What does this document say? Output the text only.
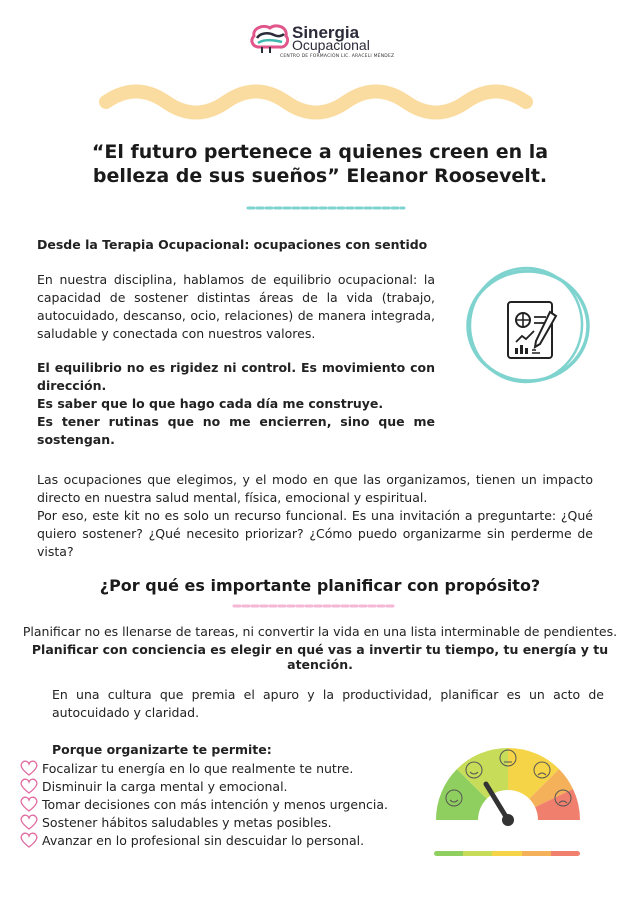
Sinergia
Ocupacional
CENTRO DE FORMACIÓN LIC. ARACELI MÉNDEZ
“El futuro pertenece a quienes creen en la
belleza de sus sueños” Eleanor Roosevelt.
Desde la Terapia Ocupacional: ocupaciones con sentido

En nuestra disciplina, hablamos de equilibrio ocupacional: la capacidad de sostener distintas áreas de la vida (trabajo, autocuidado, descanso, ocio, relaciones) de manera integrada, saludable y conectada con nuestros valores.

El equilibrio no es rigidez ni control. Es movimiento con dirección.

Es saber que lo que hago cada día me construye.

Es tener rutinas que no me encierren, sino que me sostengan.

Las ocupaciones que elegimos, y el modo en que las organizamos, tienen un impacto directo en nuestra salud mental, física, emocional y espiritual.

Por eso, este kit no es solo un recurso funcional. Es una invitación a preguntarte: ¿Qué quiero sostener? ¿Qué necesito priorizar? ¿Cómo puedo organizarme sin perderme de vista?

¿Por qué es importante planificar con propósito?
Planificar no es llenarse de tareas, ni convertir la vida en una lista interminable de pendientes.
Planificar con conciencia es elegir en qué vas a invertir tu tiempo, tu energía y tu atención.

En una cultura que premia el apuro y la productividad, planificar es un acto de autocuidado y claridad.

Porque organizarte te permite:
Focalizar tu energía en lo que realmente te nutre.
Disminuir la carga mental y emocional.
Tomar decisiones con más intención y menos urgencia.
Sostener hábitos saludables y metas posibles.
Avanzar en lo profesional sin descuidar lo personal.
